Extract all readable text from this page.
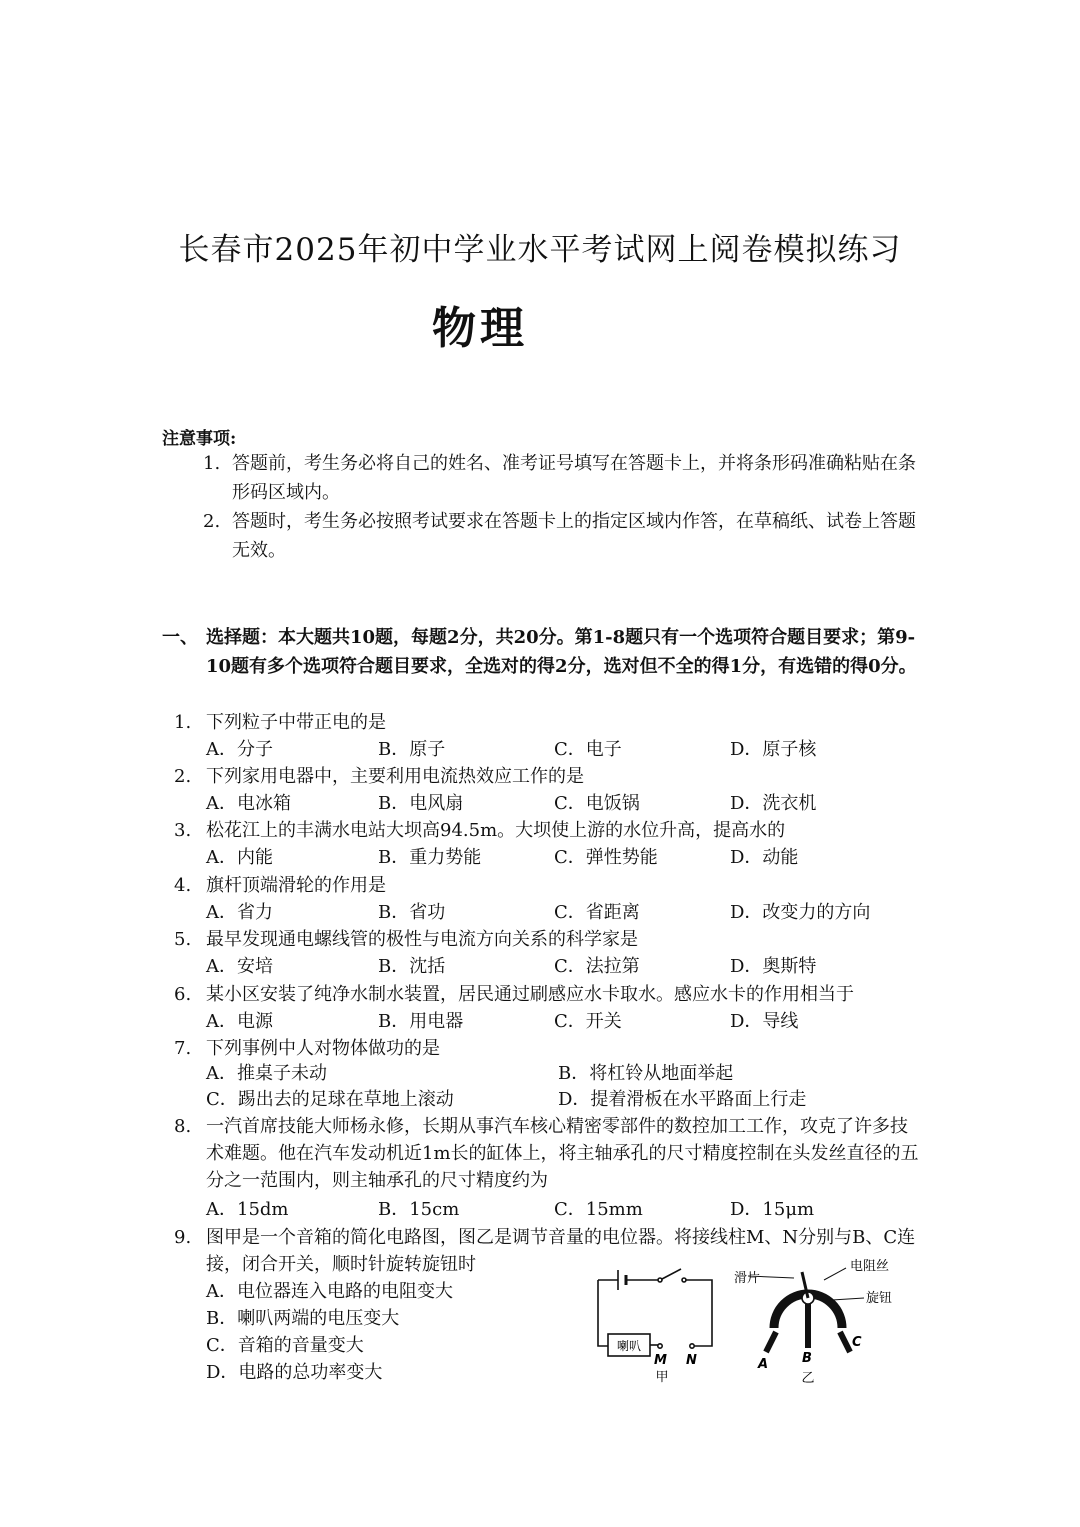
长春市2025年初中学业水平考试网上阅卷模拟练习
物理
注意事项:
1. 答题前，考生务必将自己的姓名、准考证号填写在答题卡上，并将条形码准确粘贴在条形码区域内。
2. 答题时，考生务必按照考试要求在答题卡上的指定区域内作答，在草稿纸、试卷上答题无效。
一、 选择题：本大题共10题，每题2分，共20分。第1-8题只有一个选项符合题目要求；第9-10题有多个选项符合题目要求，全选对的得2分，选对但不全的得1分，有选错的得0分。
1. 下列粒子中带正电的是
A．分子	B．原子	C．电子	D．原子核
2. 下列家用电器中，主要利用电流热效应工作的是
A．电冰箱	B．电风扇	C．电饭锅	D．洗衣机
3. 松花江上的丰满水电站大坝高94.5m。大坝使上游的水位升高，提高水的
A．内能	B．重力势能	C．弹性势能	D．动能
4. 旗杆顶端滑轮的作用是
A．省力	B．省功	C．省距离	D．改变力的方向
5. 最早发现通电螺线管的极性与电流方向关系的科学家是
A．安培	B．沈括	C．法拉第	D．奥斯特
6. 某小区安装了纯净水制水装置，居民通过刷感应水卡取水。感应水卡的作用相当于
A．电源	B．用电器	C．开关	D．导线
7. 下列事例中人对物体做功的是
A．推桌子未动	B．将杠铃从地面举起
C．踢出去的足球在草地上滚动	D．提着滑板在水平路面上行走
8. 一汽首席技能大师杨永修，长期从事汽车核心精密零部件的数控加工工作，攻克了许多技术难题。他在汽车发动机近1m长的缸体上，将主轴承孔的尺寸精度控制在头发丝直径的五分之一范围内，则主轴承孔的尺寸精度约为
A．15dm	B．15cm	C．15mm	D．15μm
9. 图甲是一个音箱的简化电路图，图乙是调节音量的电位器。将接线柱M、N分别与B、C连接，闭合开关，顺时针旋转旋钮时
A．电位器连入电路的电阻变大
B．喇叭两端的电压变大
C．音箱的音量变大
D．电路的总功率变大
喇叭
M N
甲
滑片
电阻丝
旋钮
A	B
C
乙
